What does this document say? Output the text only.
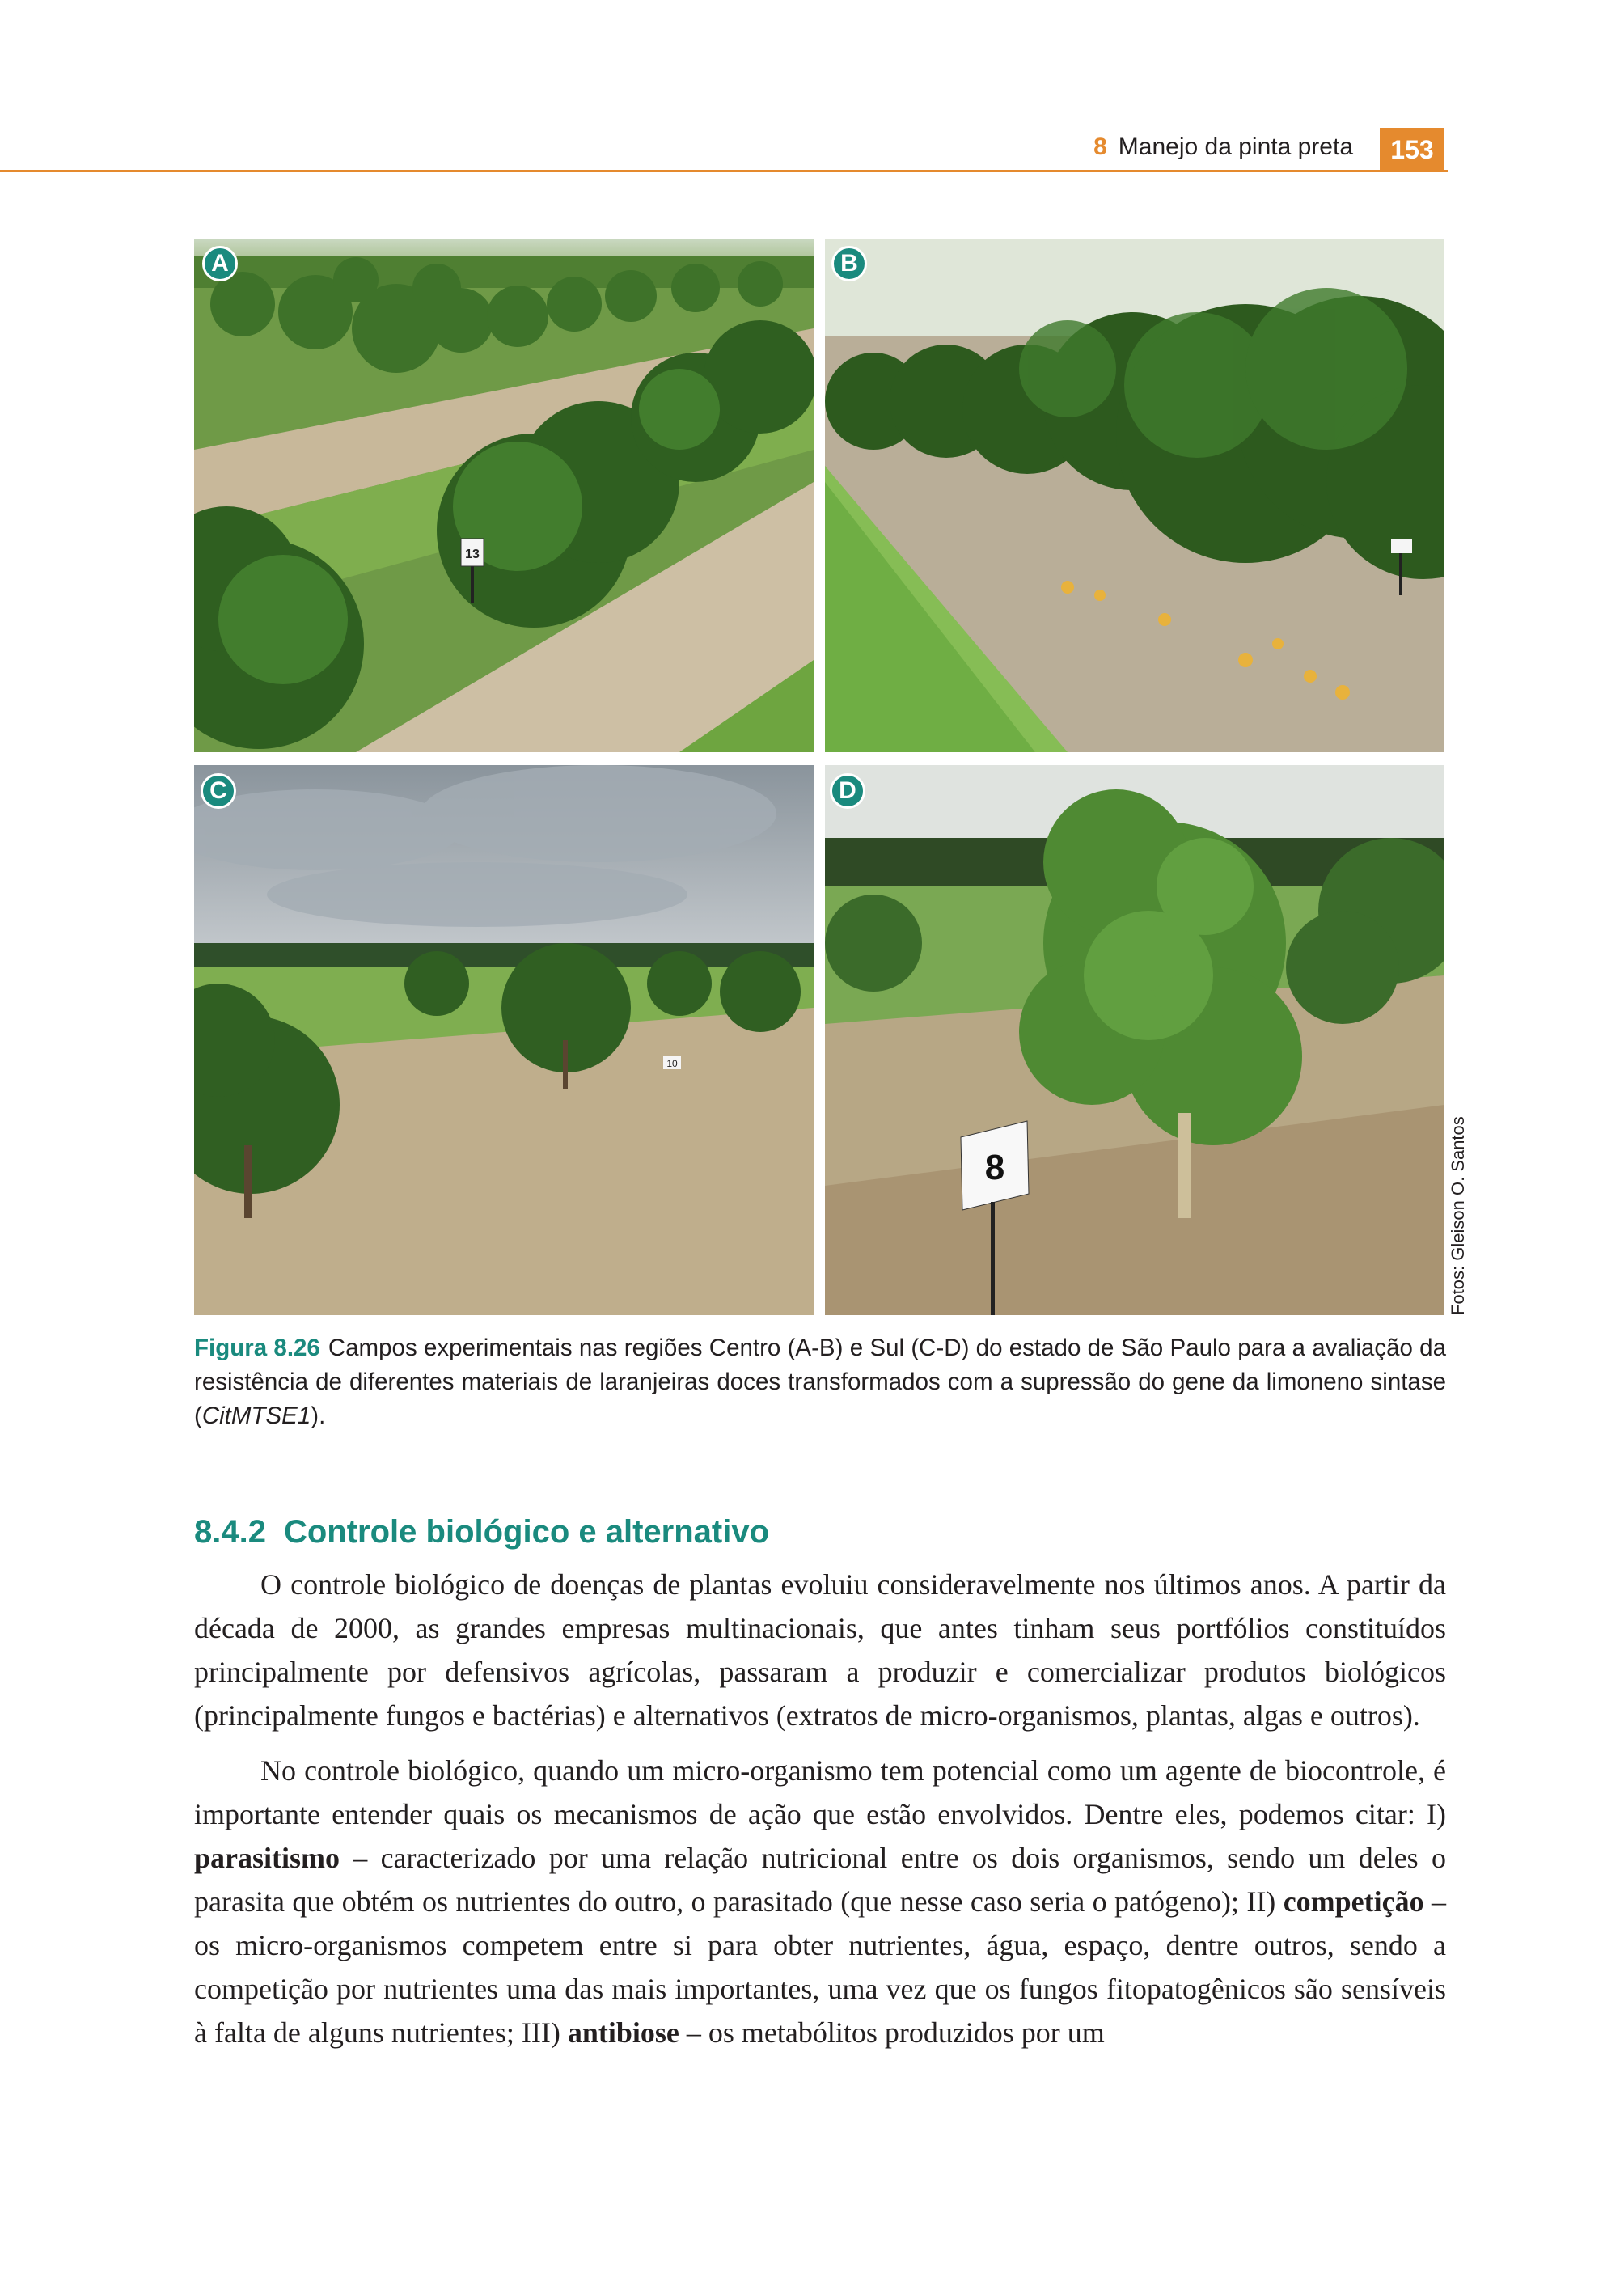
8 Manejo da pinta preta	153
13
A	B
10
C
8
D
Fotos: Gleison O. Santos
Figura 8.26 Campos experimentais nas regiões Centro (A-B) e Sul (C-D) do estado de São Paulo para a avaliação da resistência de diferentes materiais de laranjeiras doces transformados com a supressão do gene da limoneno sintase (CitMTSE1).
8.4.2 Controle biológico e alternativo

O controle biológico de doenças de plantas evoluiu consideravelmente nos últimos anos. A partir da década de 2000, as grandes empresas multinacionais, que antes tinham seus portfólios constituídos principalmente por defensivos agrícolas, passaram a produzir e comercializar produtos biológicos (principalmente fungos e bactérias) e alternativos (extratos de micro-organismos, plantas, algas e outros).

No controle biológico, quando um micro-organismo tem potencial como um agente de biocontrole, é importante entender quais os mecanismos de ação que estão envolvidos. Dentre eles, podemos citar: I) parasitismo – caracterizado por uma relação nutricional entre os dois organismos, sendo um deles o parasita que obtém os nutrientes do outro, o parasitado (que nesse caso seria o patógeno); II) competição – os micro-organismos competem entre si para obter nutrientes, água, espaço, dentre outros, sendo a competição por nutrientes uma das mais importantes, uma vez que os fungos fitopatogênicos são sensíveis à falta de alguns nutrientes; III) antibiose – os metabólitos produzidos por um
